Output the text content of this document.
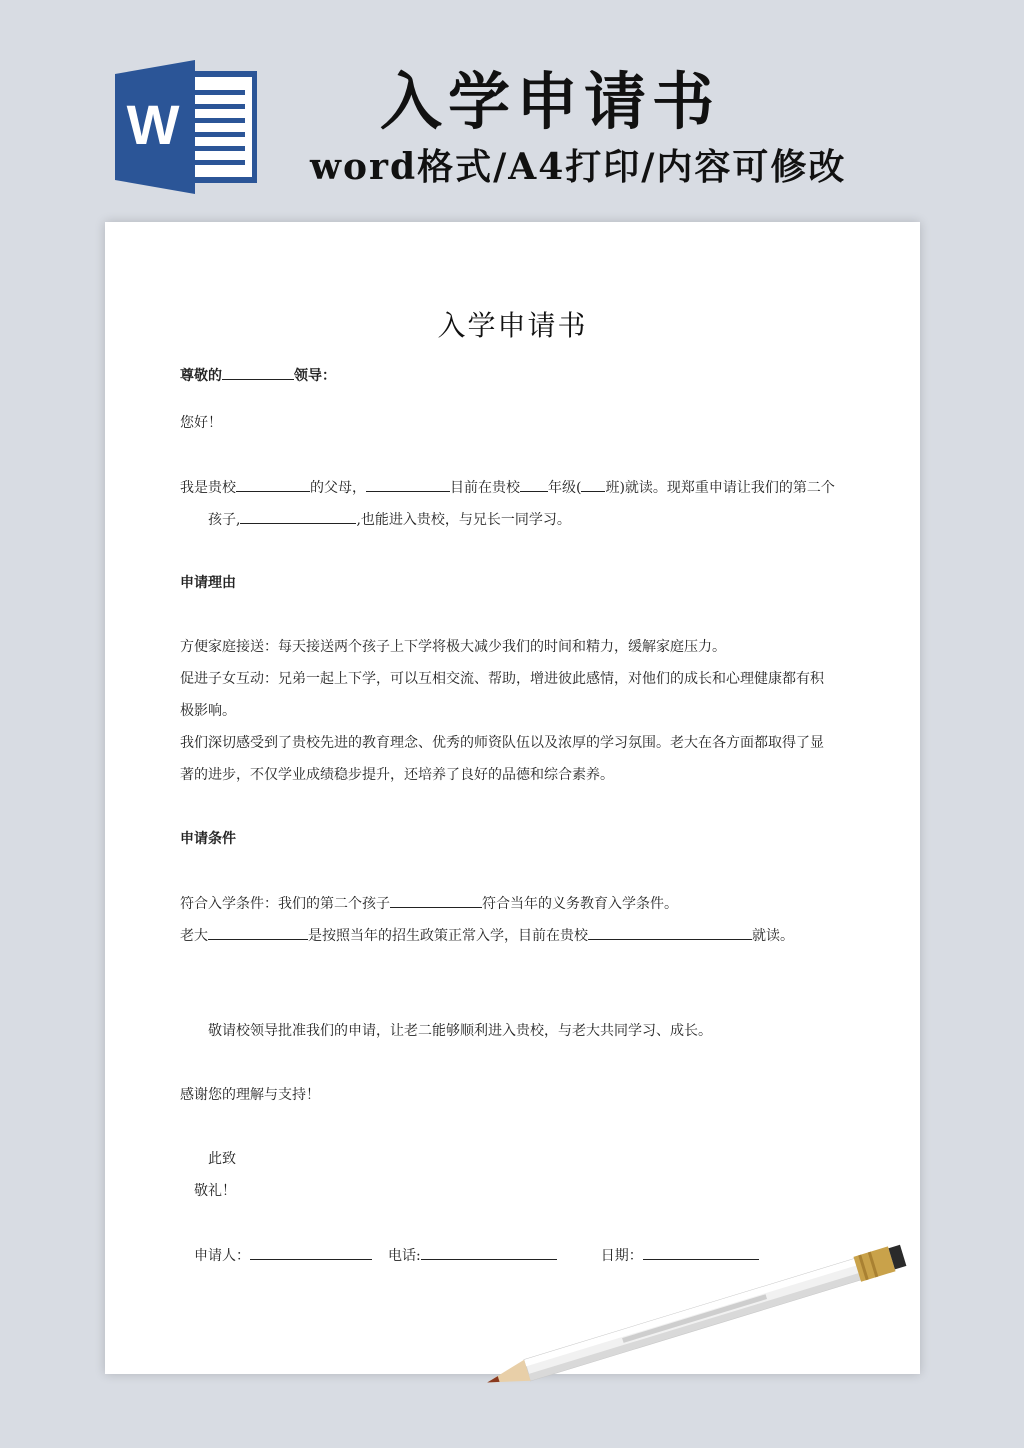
W	入学申请书
word格式/A4打印/内容可修改
入学申请书
尊敬的	领导：
您好！
我是贵校	的父母，	目前在贵校 年级( 班)就读。现郑重申请让我们的第二个
孩子,	,也能进入贵校，与兄长一同学习。
申请理由
方便家庭接送：每天接送两个孩子上下学将极大减少我们的时间和精力，缓解家庭压力。
促进子女互动：兄弟一起上下学，可以互相交流、帮助，增进彼此感情，对他们的成长和心理健康都有积
极影响。
我们深切感受到了贵校先进的教育理念、优秀的师资队伍以及浓厚的学习氛围。老大在各方面都取得了显
著的进步，不仅学业成绩稳步提升，还培养了良好的品德和综合素养。
申请条件
符合入学条件：我们的第二个孩子	符合当年的义务教育入学条件。
老大	是按照当年的招生政策正常入学，目前在贵校	就读。
敬请校领导批准我们的申请，让老二能够顺利进入贵校，与老大共同学习、成长。
感谢您的理解与支持！
此致
敬礼！
申请人：	电话:	日期：
